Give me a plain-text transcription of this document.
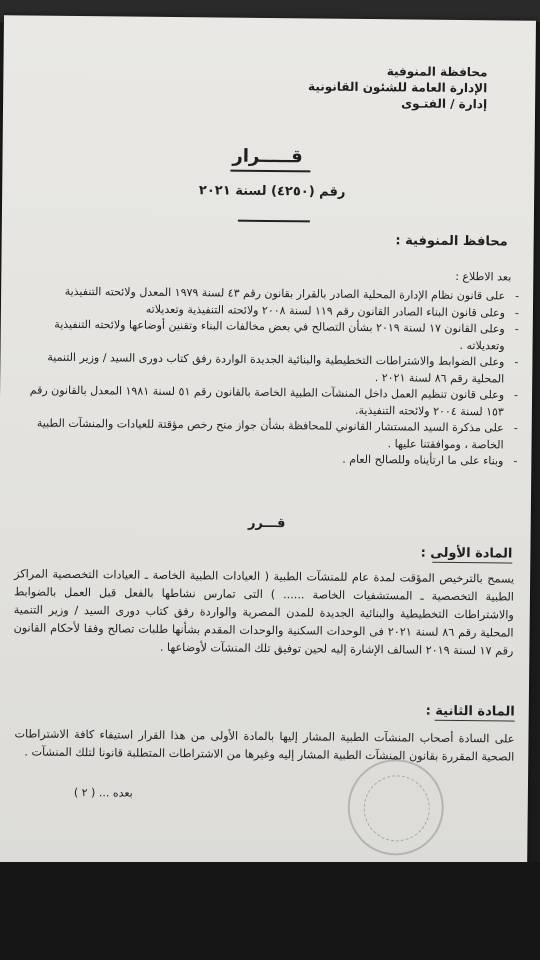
محافظة المنوفية
الإدارة العامة للشئون القانونية
إدارة / الفتـوى
قـــــرار
رقم (٤٢٥٠) لسنة ٢٠٢١
محافظ المنوفية :
بعد الاطلاع :
- على قانون نظام الإدارة المحلية الصادر بالقرار بقانون رقم ٤٣ لسنة ١٩٧٩ المعدل ولائحته التنفيذية
- وعلى قانون البناء الصادر القانون رقم ١١٩ لسنة ٢٠٠٨ ولائحته التنفيذية وتعديلاته
- وعلى القانون ١٧ لسنة ٢٠١٩ بشأن التصالح في بعض مخالفات البناء وتقنين أوضاعها ولائحته التنفيذية وتعديلاته .
- وعلى الضوابط والاشتراطات التخطيطية والبنائية الجديدة الواردة رفق كتاب دورى السيد / وزير التنمية المحلية رقم ٨٦ لسنة ٢٠٢١ .
- وعلى قانون تنظيم العمل داخل المنشآت الطبية الخاصة بالقانون رقم ٥١ لسنة ١٩٨١ المعدل بالقانون رقم ١٥٣ لسنة ٢٠٠٤ ولائحته التنفيذية.
- على مذكرة السيد المستشار القانوني للمحافظة بشأن جواز منح رخص مؤقتة للعيادات والمنشآت الطبية الخاصة ، وموافقتنا عليها .
- وبناء على ما ارتأيناه وللصالح العام .
قـــرر
المادة الأولى :
يسمح بالترخيص المؤقت لمدة عام للمنشآت الطبية ( العيادات الطبية الخاصة ـ العيادات التخصصية المراكز الطبية التخصصية ـ المستشفيات الخاصة ...... ) التى تمارس نشاطها بالفعل قبل العمل بالضوابط والاشتراطات التخطيطية والبنائية الجديدة للمدن المصرية والواردة رفق كتاب دورى السيد / وزير التنمية المحلية رقم ٨٦ لسنة ٢٠٢١ فى الوحدات السكنية والوحدات المقدم بشأنها طلبات تصالح وفقا لأحكام القانون رقم ١٧ لسنة ٢٠١٩ السالف الإشارة إليه لحين توفيق تلك المنشآت لأوضاعها .
المادة الثانية :
على السادة أصحاب المنشآت الطبية المشار إليها بالمادة الأولى من هذا القرار استيفاء كافة الاشتراطات الصحية المقررة بقانون المنشآت الطبية المشار إليه وغيرها من الاشتراطات المتطلبة قانونا لتلك المنشآت .
بعده ... ( ٢ )
